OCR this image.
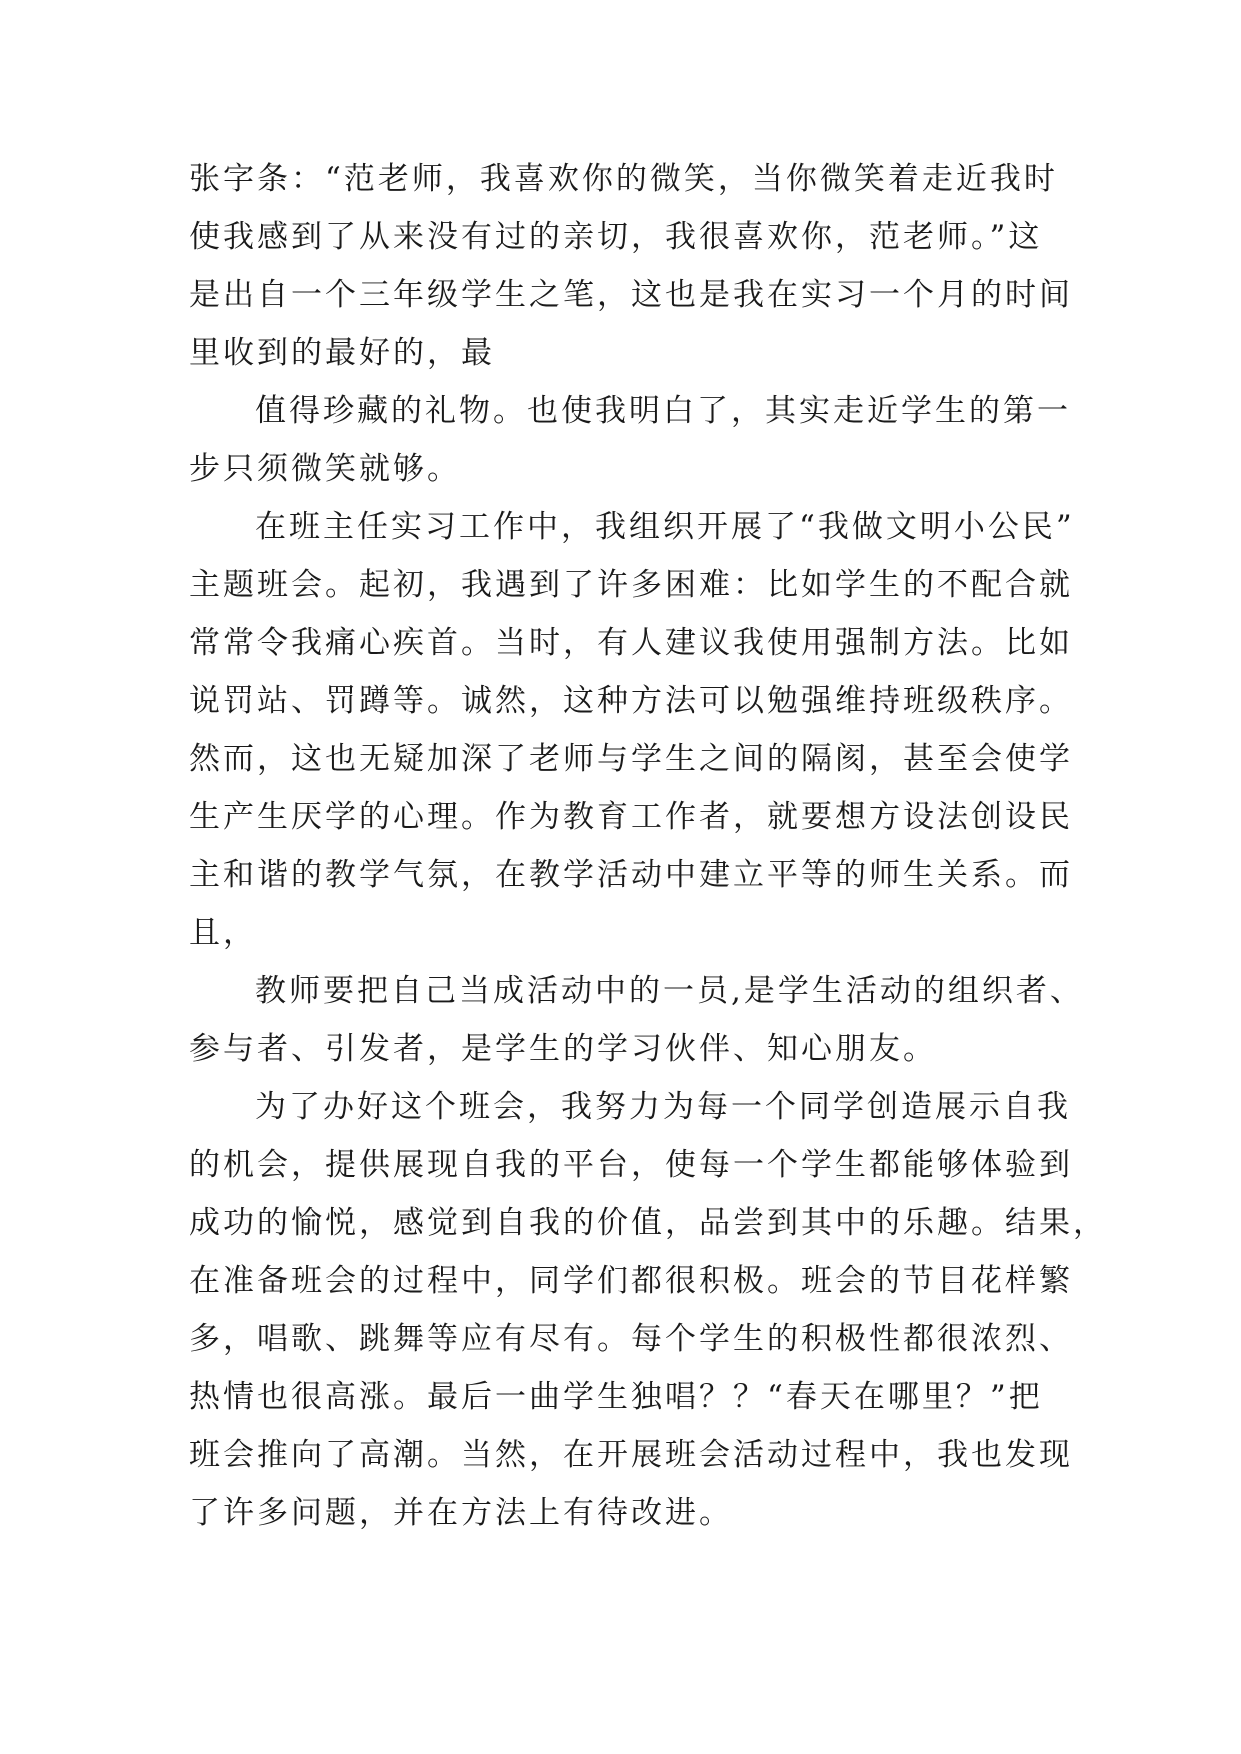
张字条：“范老师，我喜欢你的微笑，当你微笑着走近我时
使我感到了从来没有过的亲切，我很喜欢你，范老师。”这
是出自一个三年级学生之笔，这也是我在实习一个月的时间
里收到的最好的，最
值得珍藏的礼物。也使我明白了，其实走近学生的第一
步只须微笑就够。
在班主任实习工作中，我组织开展了“我做文明小公民”
主题班会。起初，我遇到了许多困难：比如学生的不配合就
常常令我痛心疾首。当时，有人建议我使用强制方法。比如
说罚站、罚蹲等。诚然，这种方法可以勉强维持班级秩序。
然而，这也无疑加深了老师与学生之间的隔阂，甚至会使学
生产生厌学的心理。作为教育工作者，就要想方设法创设民
主和谐的教学气氛，在教学活动中建立平等的师生关系。而
且，
教师要把自己当成活动中的一员,是学生活动的组织者、
参与者、引发者，是学生的学习伙伴、知心朋友。
为了办好这个班会，我努力为每一个同学创造展示自我
的机会，提供展现自我的平台，使每一个学生都能够体验到
成功的愉悦，感觉到自我的价值，品尝到其中的乐趣。结果，
在准备班会的过程中，同学们都很积极。班会的节目花样繁
多，唱歌、跳舞等应有尽有。每个学生的积极性都很浓烈、
热情也很高涨。最后一曲学生独唱？？“春天在哪里？”把
班会推向了高潮。当然，在开展班会活动过程中，我也发现
了许多问题，并在方法上有待改进。
